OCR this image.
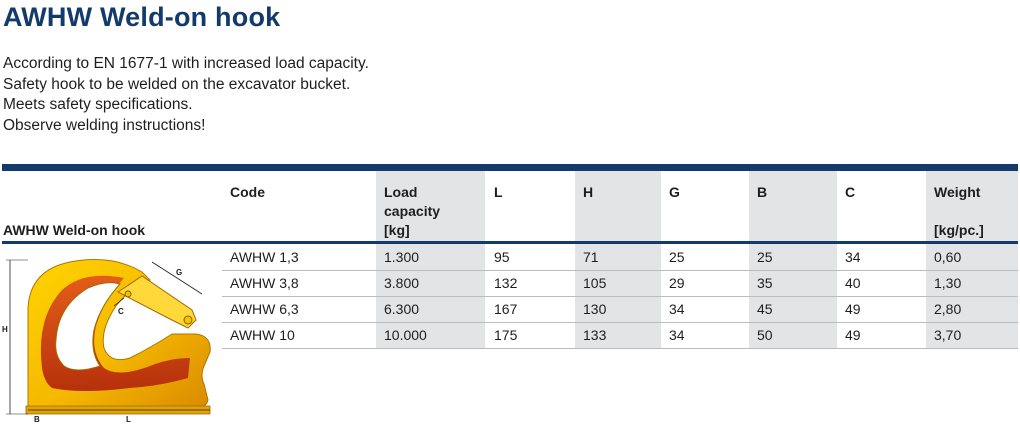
AWHW Weld-on hook
According to EN 1677-1 with increased load capacity.
Safety hook to be welded on the excavator bucket.
Meets safety specifications.
Observe welding instructions!
Code	Load
capacity
[kg]
L	H	G	B	C	Weight
[kg/pc.]
AWHW Weld-on hook
AWHW 1,3	1.300	95	71	25	25	34	0,60
AWHW 3,8	3.800	132	105	29	35	40	1,30
AWHW 6,3	6.300	167	130	34	45	49	2,80
AWHW 10	10.000	175	133	34	50	49	3,70
H
G
C
B	L
